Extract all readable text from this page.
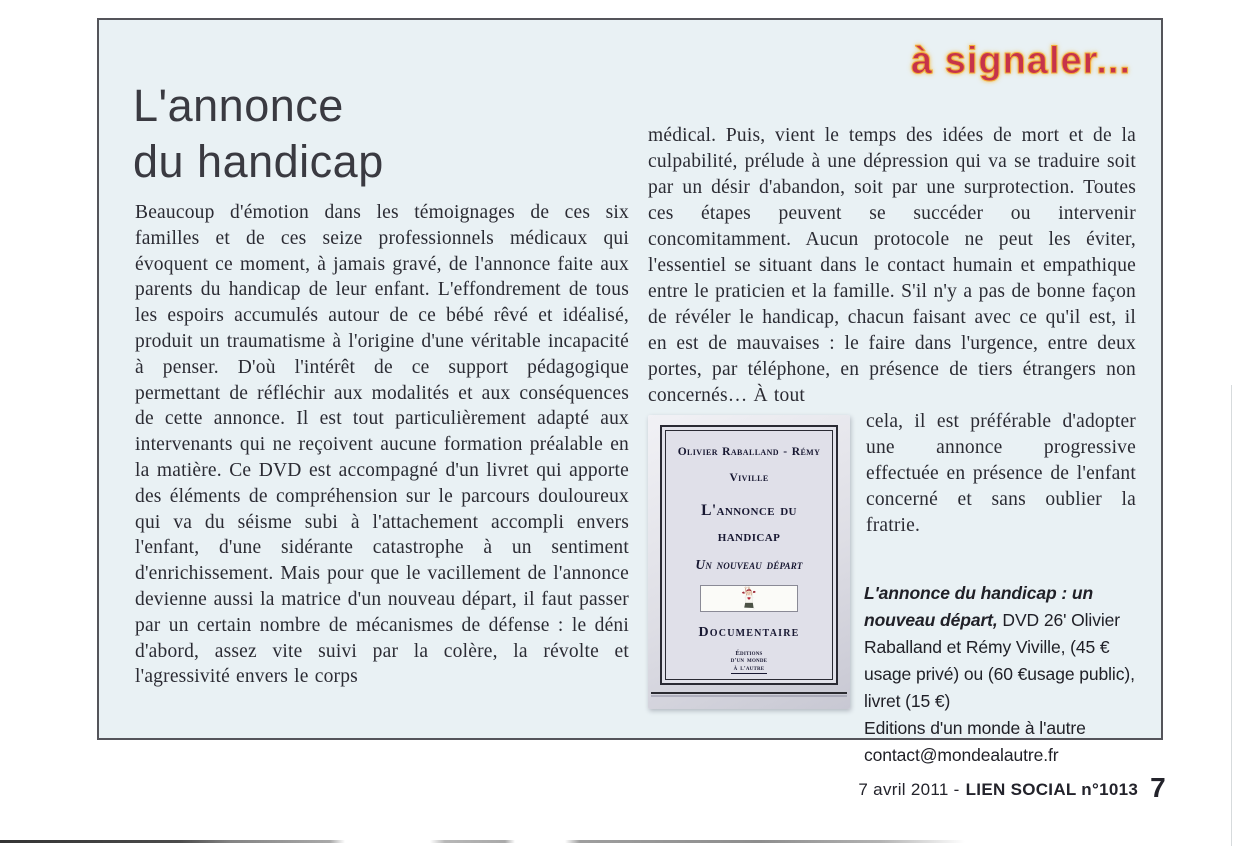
à signaler...
L'annonce
du handicap

Beaucoup d'émotion dans les témoignages de ces six familles et de ces seize professionnels médicaux qui évoquent ce moment, à jamais gravé, de l'annonce faite aux parents du handicap de leur enfant. L'effondrement de tous les espoirs accumulés autour de ce bébé rêvé et idéalisé, produit un traumatisme à l'origine d'une véritable incapacité à penser. D'où l'intérêt de ce support pédagogique permettant de réfléchir aux modalités et aux conséquences de cette annonce. Il est tout particulièrement adapté aux intervenants qui ne reçoivent aucune formation préalable en la matière. Ce DVD est accompagné d'un livret qui apporte des éléments de compréhension sur le parcours douloureux qui va du séisme subi à l'attachement accompli envers l'enfant, d'une sidérante catastrophe à un sentiment d'enrichissement. Mais pour que le vacillement de l'annonce devienne aussi la matrice d'un nouveau départ, il faut passer par un certain nombre de mécanismes de défense : le déni d'abord, assez vite suivi par la colère, la révolte et l'agressivité envers le corps

médical. Puis, vient le temps des idées de mort et de la culpabilité, prélude à une dépression qui va se traduire soit par un désir d'abandon, soit par une surprotection. Toutes ces étapes peuvent se succéder ou intervenir concomitamment. Aucun protocole ne peut les éviter, l'essentiel se situant dans le contact humain et empathique entre le praticien et la famille. S'il n'y a pas de bonne façon de révéler le handicap, chacun faisant avec ce qu'il est, il en est de mauvaises : le faire dans l'urgence, entre deux portes, par téléphone, en présence de tiers étrangers non concernés… À tout

Olivier Raballand - Rémy Viville
L'annonce du handicap
Un nouveau départ
Documentaire
Éditions
d'un monde
à l'autre

cela, il est préférable d'adopter une annonce progressive effectuée en présence de l'enfant concerné et sans oublier la fratrie.

L'annonce du handicap : un nouveau départ, DVD 26' Olivier Raballand et Rémy Viville, (45 € usage privé) ou (60 €usage public), livret (15 €)
Editions d'un monde à l'autre
contact@mondealautre.fr
7 avril 2011 - LIEN SOCIAL n°1013 7
